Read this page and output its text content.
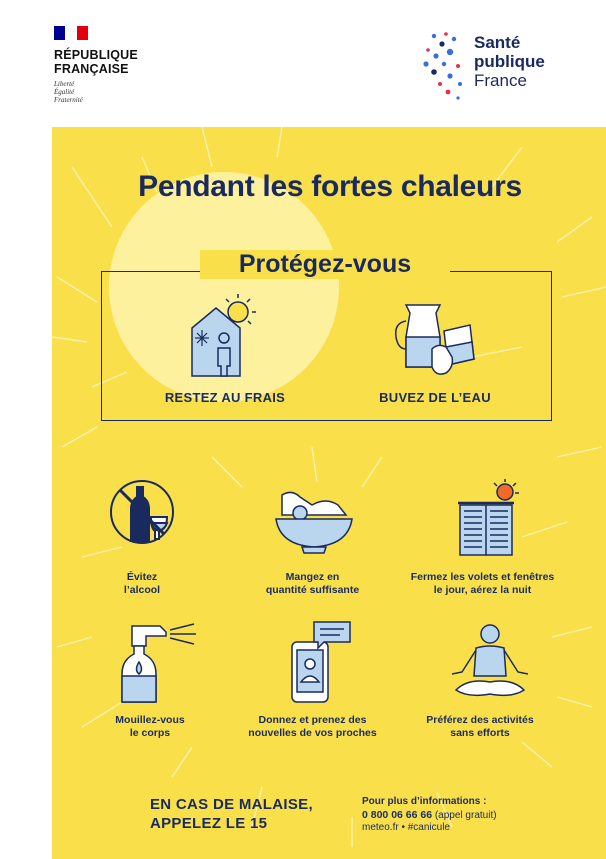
RÉPUBLIQUE
FRANÇAISE
Liberté
Égalité
Fraternité
Santé
publique
France
Pendant les fortes chaleurs
Protégez-vous
RESTEZ AU FRAIS	BUVEZ DE L’EAU
Évitez
l’alcool
Mangez en
quantité suffisante
Fermez les volets et fenêtres
le jour, aérez la nuit
Mouillez-vous
le corps
Donnez et prenez des
nouvelles de vos proches
Préférez des activités
sans efforts
EN CAS DE MALAISE,
APPELEZ LE 15
Pour plus d’informations :
0 800 06 66 66 (appel gratuit)
meteo.fr • #canicule
